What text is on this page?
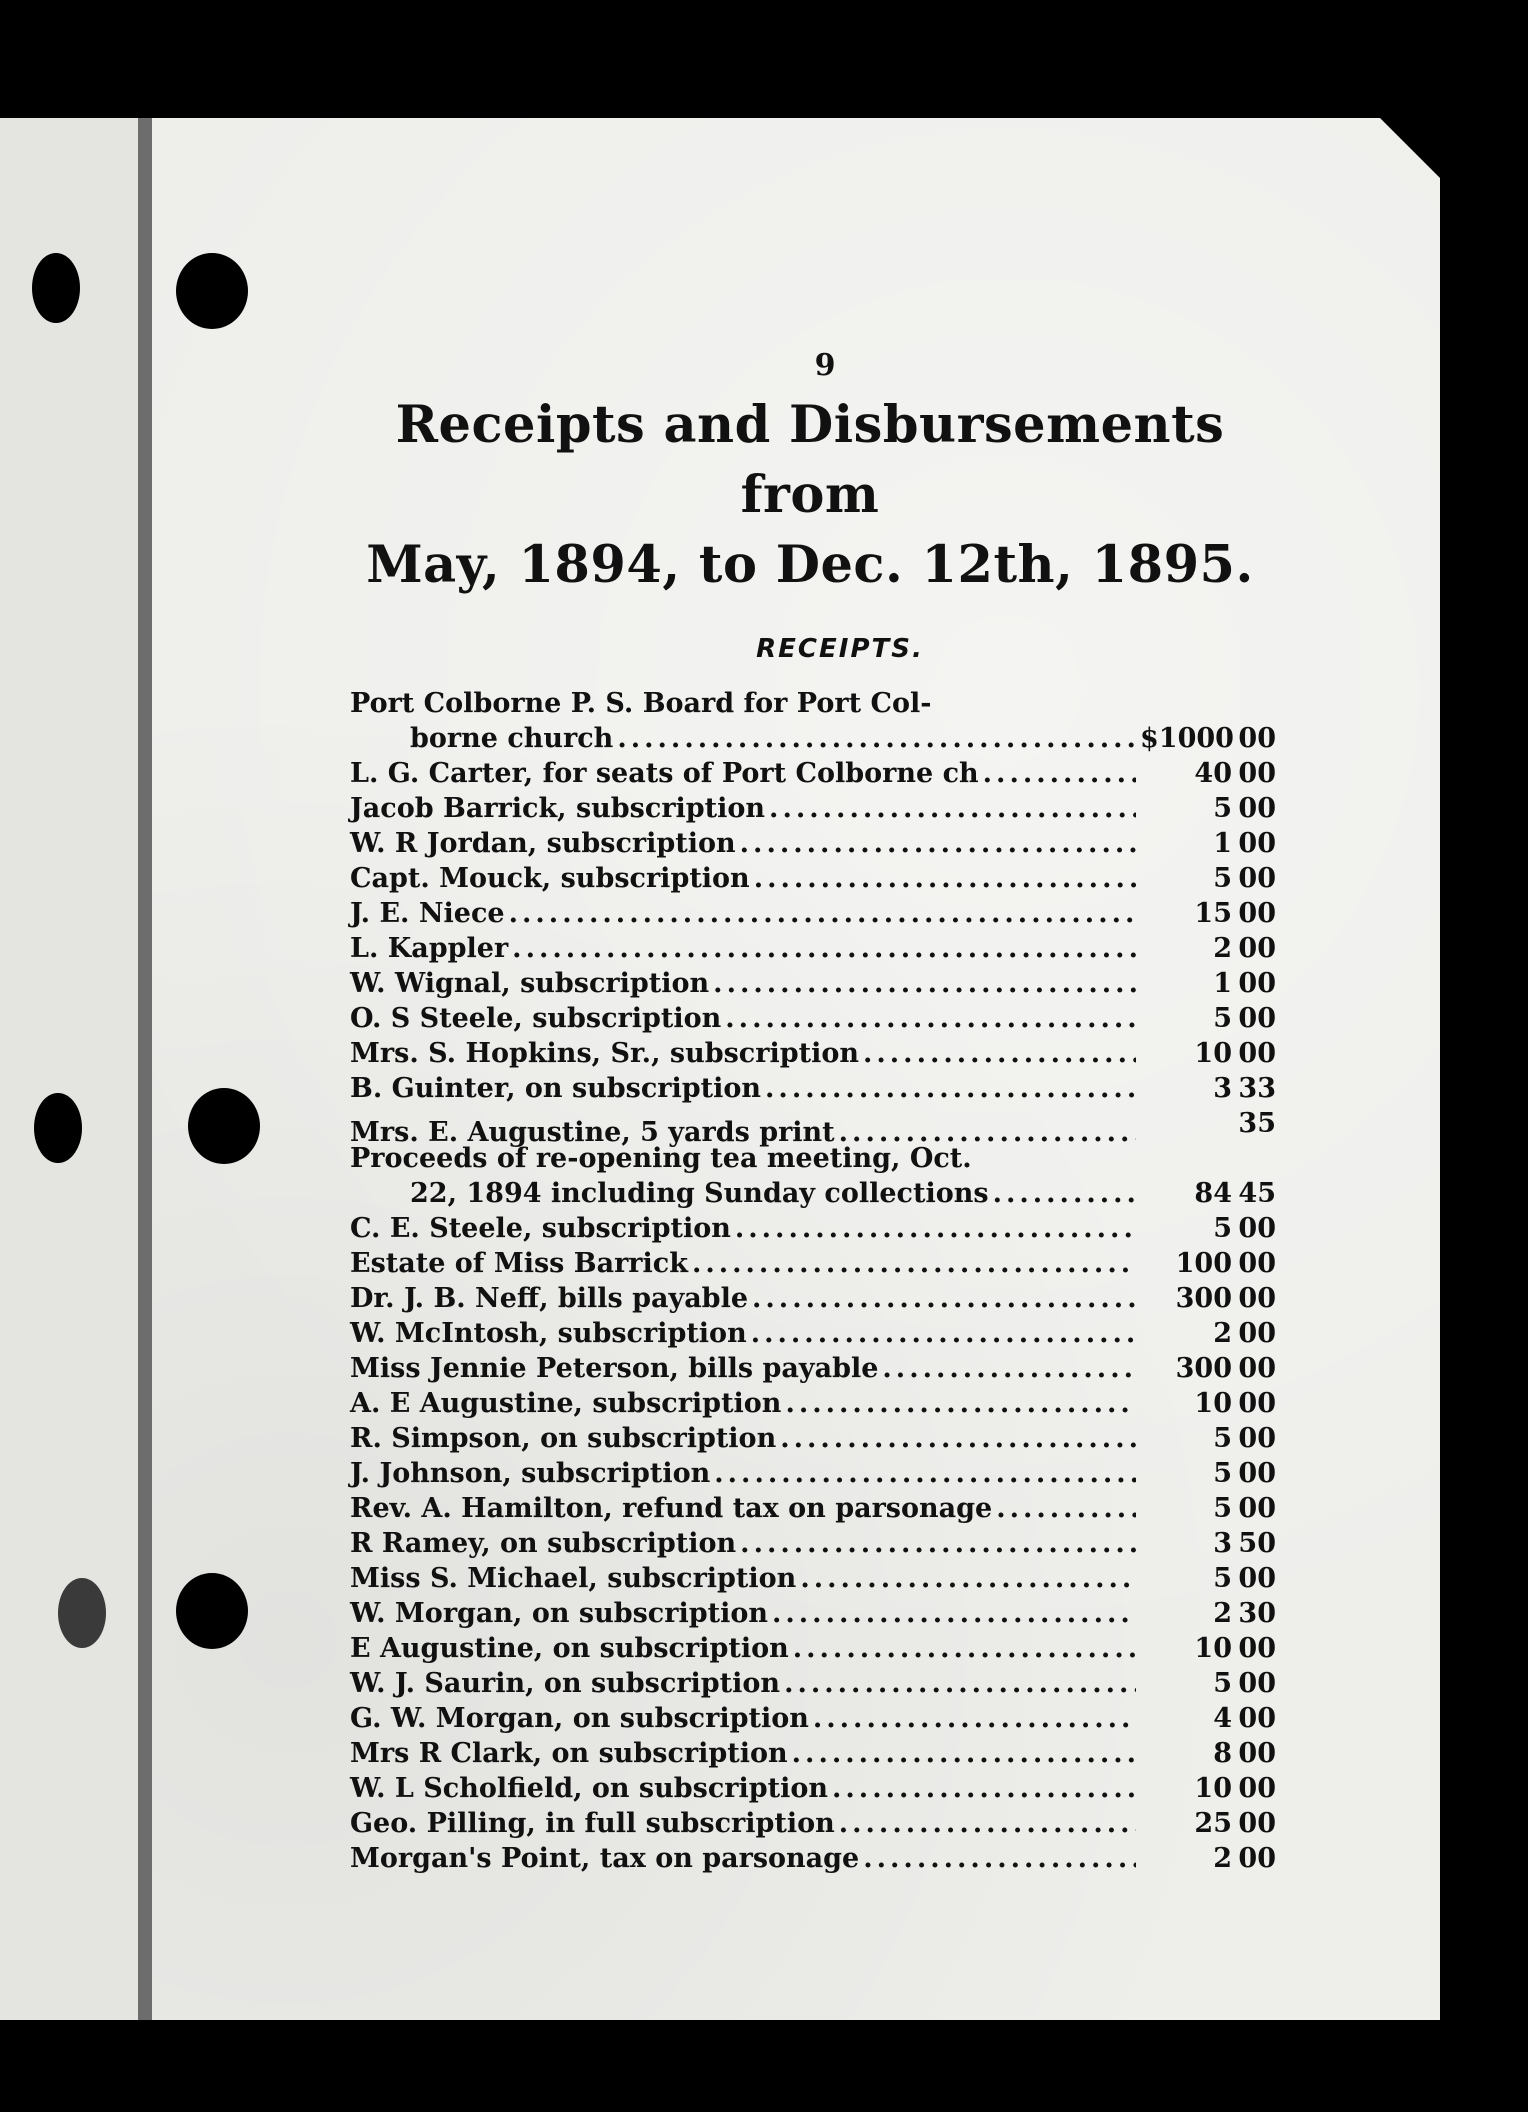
9
Receipts and Disbursements from
May, 1894, to Dec. 12th, 1895.
RECEIPTS.
Port Colborne P. S. Board for Port Col-
borne church .....	$1000 00
L. G. Carter, for seats of Port Colborne ch .....	40 00
Jacob Barrick, subscription .....	5 00
W. R Jordan, subscription .....	1 00
Capt. Mouck, subscription .....	5 00
J. E. Niece .....	15 00
L. Kappler .....	2 00
W. Wignal, subscription .....	1 00
O. S Steele, subscription .....	5 00
Mrs. S. Hopkins, Sr., subscription .....	10 00
B. Guinter, on subscription .....	3 33
Mrs. E. Augustine, 5 yards print .....	35
Proceeds of re-opening tea meeting, Oct.
22, 1894 including Sunday collections .....	84 45
C. E. Steele, subscription .....	5 00
Estate of Miss Barrick .....	100 00
Dr. J. B. Neff, bills payable .....	300 00
W. McIntosh, subscription .....	2 00
Miss Jennie Peterson, bills payable .....	300 00
A. E Augustine, subscription .....	10 00
R. Simpson, on subscription .....	5 00
J. Johnson, subscription .....	5 00
Rev. A. Hamilton, refund tax on parsonage .....	5 00
R Ramey, on subscription .....	3 50
Miss S. Michael, subscription .....	5 00
W. Morgan, on subscription .....	2 30
E Augustine, on subscription .....	10 00
W. J. Saurin, on subscription .....	5 00
G. W. Morgan, on subscription .....	4 00
Mrs R Clark, on subscription .....	8 00
W. L Scholfield, on subscription .....	10 00
Geo. Pilling, in full subscription .....	25 00
Morgan's Point, tax on parsonage .....	2 00
